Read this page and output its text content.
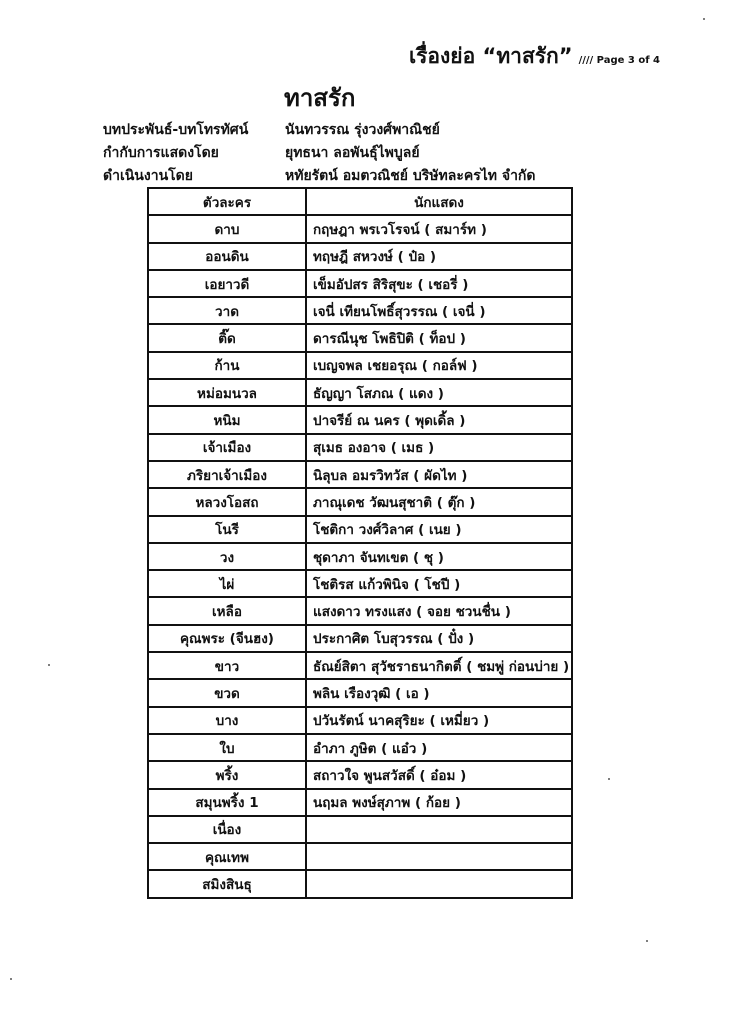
เรื่องย่อ “ทาสรัก” //// Page 3 of 4
ทาสรัก
บทประพันธ์-บทโทรทัศน์	นันทวรรณ รุ่งวงศ์พาณิชย์
กำกับการแสดงโดย	ยุทธนา ลอพันธุ์ไพบูลย์
ดำเนินงานโดย	หทัยรัตน์ อมตวณิชย์ บริษัทละครไท จำกัด
ตัวละคร	นักแสดง
ดาบ	กฤษฎา พรเวโรจน์ ( สมาร์ท )
ออนดิน	ทฤษฎี สหวงษ์ ( ป๋อ )
เอยาวดี	เข็มอัปสร สิริสุขะ ( เชอรี่ )
วาด	เจนี่ เทียนโพธิ์สุวรรณ ( เจนี่ )
ติ๊ด	ดารณีนุช โพธิปิติ ( ท็อป )
ก้าน	เบญจพล เชยอรุณ ( กอล์ฟ )
หม่อมนวล	ธัญญา โสภณ ( แดง )
หนิม	ปาจรีย์ ณ นคร ( พุดเดิ้ล )
เจ้าเมือง	สุเมธ องอาจ ( เมธ )
ภริยาเจ้าเมือง	นิลุบล อมรวิทวัส ( ผัดไท )
หลวงโอสถ	ภาณุเดช วัฒนสุชาติ ( ตุ๊ก )
โนรี	โชติกา วงศ์วิลาศ ( เนย )
วง	ชุดาภา จันทเขต ( ชุ )
ไผ่	โชติรส แก้วพินิจ ( โชปี )
เหลือ	แสงดาว ทรงแสง ( จอย ชวนชื่น )
คุณพระ (จีนฮง)	ประกาศิต โบสุวรรณ ( ปั๋ง )
ขาว	ธัณย์สิตา สุวัชราธนากิตติ์ ( ชมพู่ ก่อนบ่าย )
ขวด	พลิน เรืองวุฒิ ( เอ )
บาง	ปวันรัตน์ นาคสุริยะ ( เหมี่ยว )
ใบ	อำภา ภูษิต ( แอ๋ว )
พริ้ง	สถาวใจ พูนสวัสดิ์ ( อ๋อม )
สมุนพริ้ง 1	นฤมล พงษ์สุภาพ ( ก้อย )
เนื่อง	
คุณเทพ	
สมิงสินธุ	
